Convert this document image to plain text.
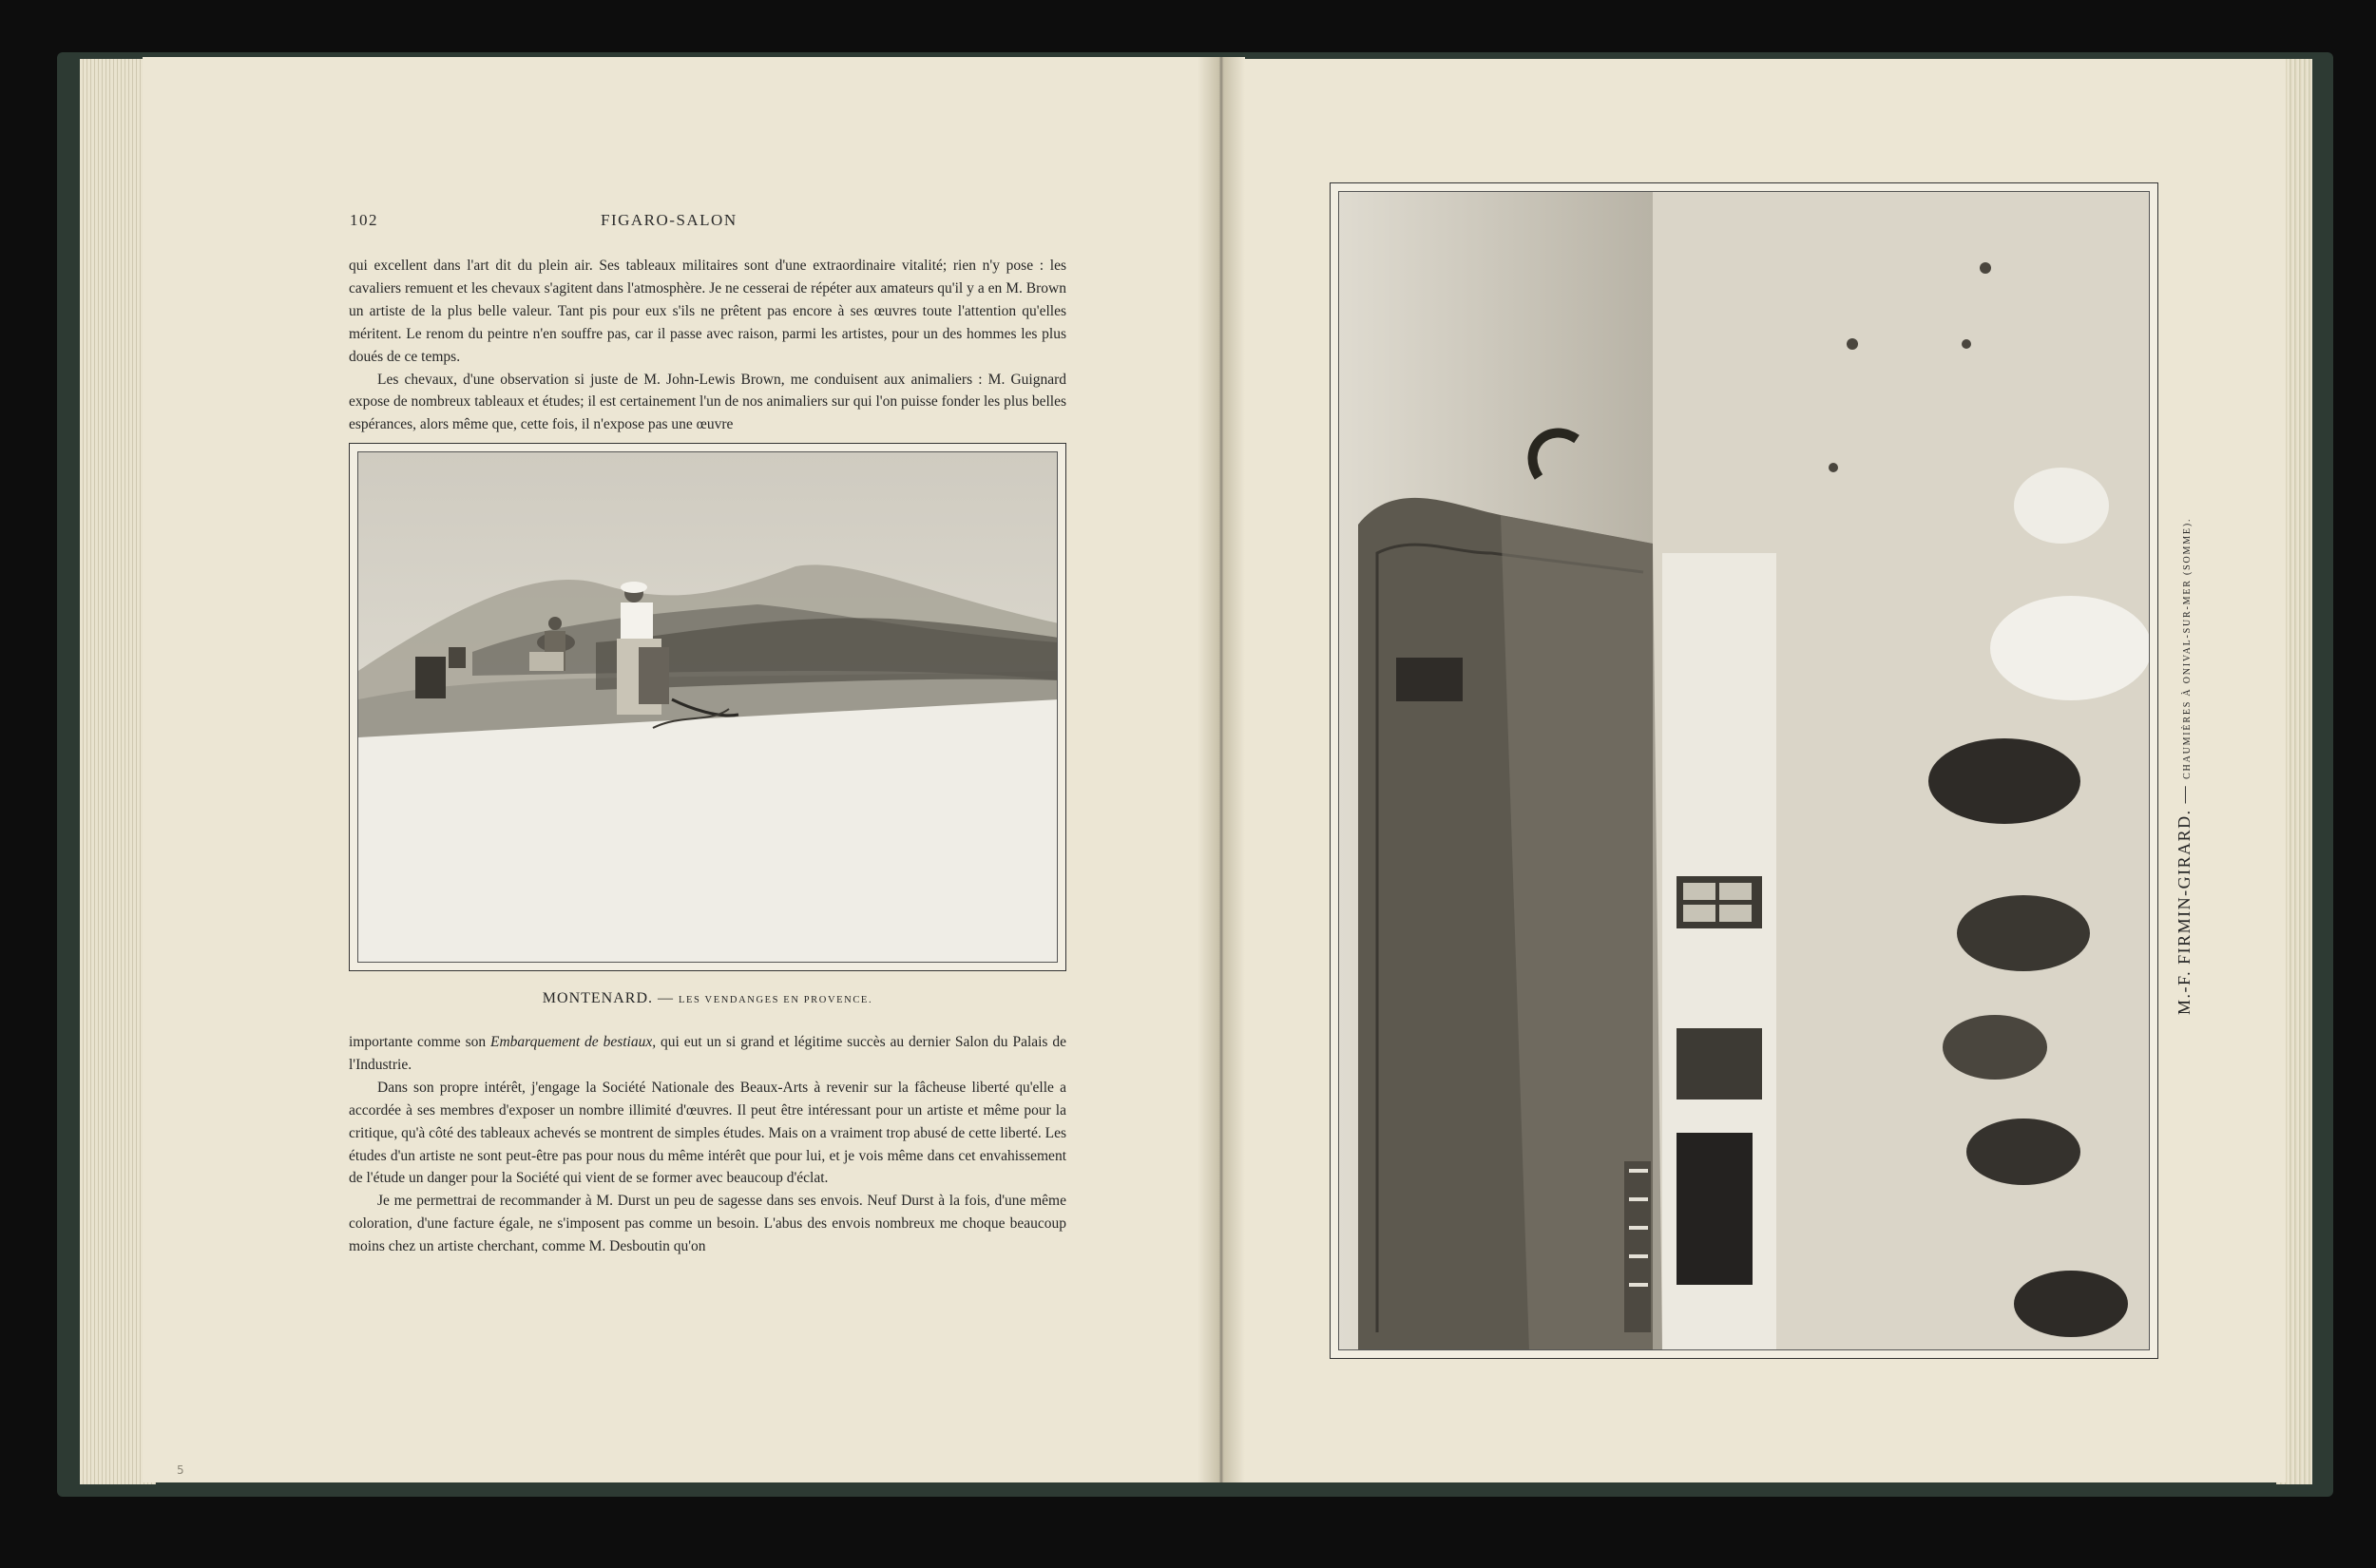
102	FIGARO-SALON

qui excellent dans l'art dit du plein air. Ses tableaux militaires sont d'une extraordinaire vitalité; rien n'y pose : les cavaliers remuent et les chevaux s'agitent dans l'atmosphère. Je ne cesserai de répéter aux amateurs qu'il y a en M. Brown un artiste de la plus belle valeur. Tant pis pour eux s'ils ne prêtent pas encore à ses œuvres toute l'attention qu'elles méritent. Le renom du peintre n'en souffre pas, car il passe avec raison, parmi les artistes, pour un des hommes les plus doués de ce temps.

Les chevaux, d'une observation si juste de M. John-Lewis Brown, me conduisent aux animaliers : M. Guignard expose de nombreux tableaux et études; il est certainement l'un de nos animaliers sur qui l'on puisse fonder les plus belles espérances, alors même que, cette fois, il n'expose pas une œuvre

MONTENARD. — LES VENDANGES EN PROVENCE.

importante comme son Embarquement de bestiaux, qui eut un si grand et légitime succès au dernier Salon du Palais de l'Industrie.

Dans son propre intérêt, j'engage la Société Nationale des Beaux-Arts à revenir sur la fâcheuse liberté qu'elle a accordée à ses membres d'exposer un nombre illimité d'œuvres. Il peut être intéressant pour un artiste et même pour la critique, qu'à côté des tableaux achevés se montrent de simples études. Mais on a vraiment trop abusé de cette liberté. Les études d'un artiste ne sont peut-être pas pour nous du même intérêt que pour lui, et je vois même dans cet envahissement de l'étude un danger pour la Société qui vient de se former avec beaucoup d'éclat.

Je me permettrai de recommander à M. Durst un peu de sagesse dans ses envois. Neuf Durst à la fois, d'une même coloration, d'une facture égale, ne s'imposent pas comme un besoin. L'abus des envois nombreux me choque beaucoup moins chez un artiste cherchant, comme M. Desboutin qu'on

M.-F. FIRMIN-GIRARD. — CHAUMIÈRES À ONIVAL-SUR-MER (SOMME).
5
